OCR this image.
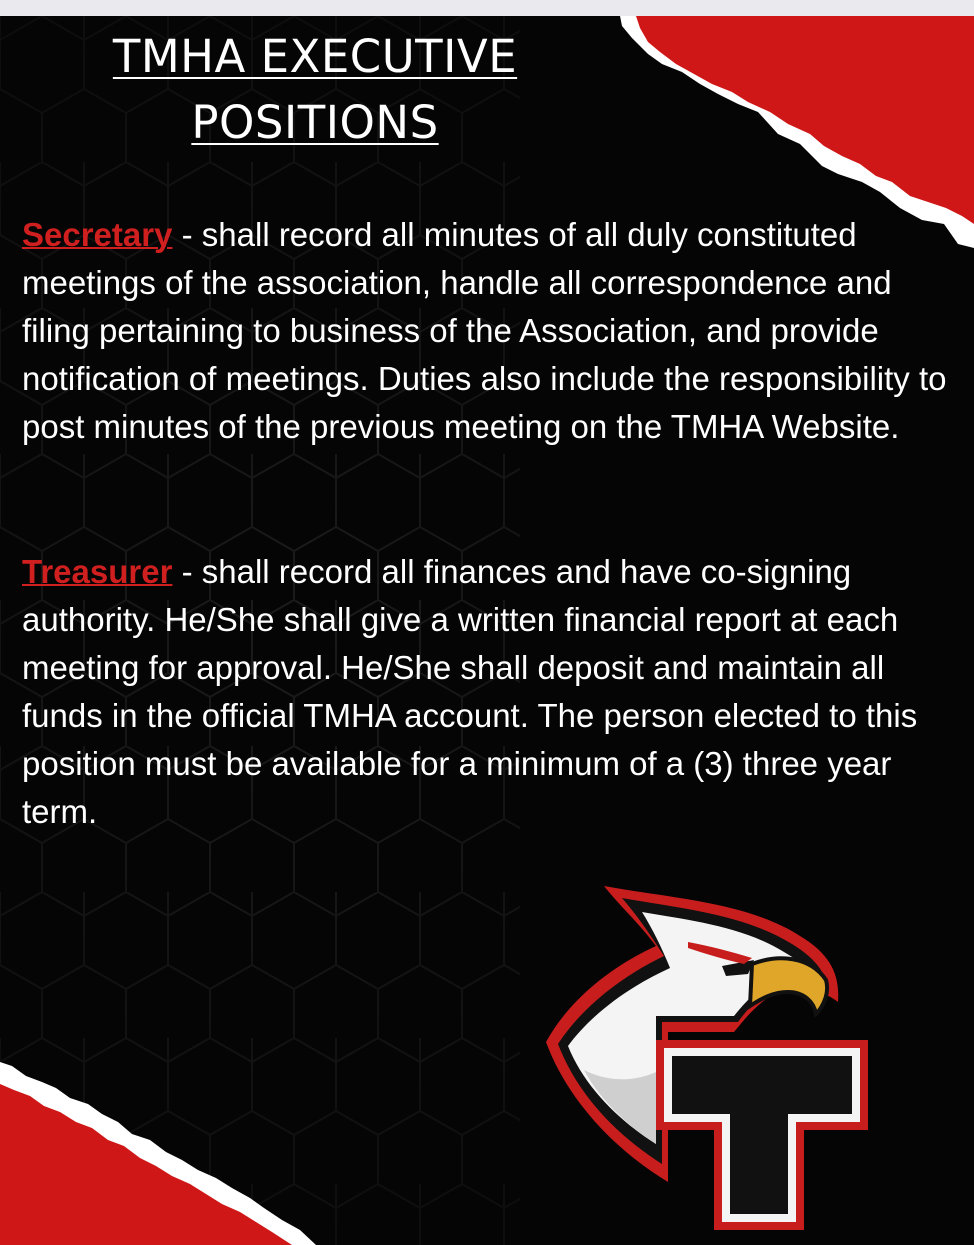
TMHA EXECUTIVE
POSITIONS

Secretary - shall record all minutes of all duly constituted meetings of the association, handle all correspondence and filing pertaining to business of the Association, and provide notification of meetings. Duties also include the responsibility to post minutes of the previous meeting on the TMHA Website.

Treasurer - shall record all finances and have co-signing authority. He/She shall give a written financial report at each meeting for approval. He/She shall deposit and maintain all funds in the official TMHA account. The person elected to this position must be available for a minimum of a (3) three year term.
